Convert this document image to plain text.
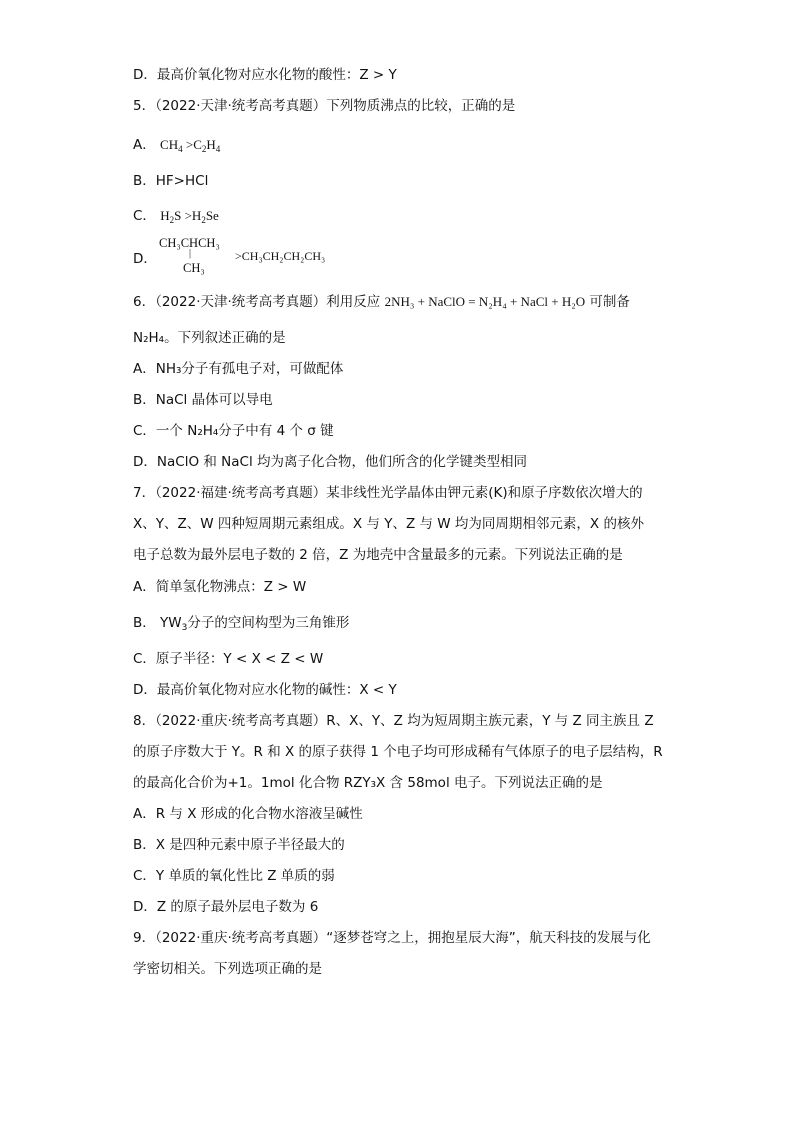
D．最高价氧化物对应水化物的酸性：Z > Y
5．（2022·天津·统考高考真题）下列物质沸点的比较，正确的是
A． $CH_4 >C_2H_4$
B．HF>HCl
C． $H_2S >H_2Se$
D．
CH₃CHCH₃
|
CH₃
>CH₃CH₂CH₂CH₃
6．（2022·天津·统考高考真题）利用反应 2NH₃ + NaClO = N₂H₄ + NaCl + H₂O 可制备
N₂H₄。下列叙述正确的是
A．NH₃分子有孤电子对，可做配体
B．NaCl 晶体可以导电
C．一个 N₂H₄分子中有 4 个 σ 键
D．NaClO 和 NaCl 均为离子化合物，他们所含的化学键类型相同
7．（2022·福建·统考高考真题）某非线性光学晶体由钾元素(K)和原子序数依次增大的
X、Y、Z、W 四种短周期元素组成。X 与 Y、Z 与 W 均为同周期相邻元素，X 的核外
电子总数为最外层电子数的 2 倍，Z 为地壳中含量最多的元素。下列说法正确的是
A．简单氢化物沸点：Z > W
B． $YW_3$分子的空间构型为三角锥形
C．原子半径：Y < X < Z < W
D．最高价氧化物对应水化物的碱性：X < Y
8．（2022·重庆·统考高考真题）R、X、Y、Z 均为短周期主族元素，Y 与 Z 同主族且 Z
的原子序数大于 Y。R 和 X 的原子获得 1 个电子均可形成稀有气体原子的电子层结构，R
的最高化合价为+1。1mol 化合物 RZY₃X 含 58mol 电子。下列说法正确的是
A．R 与 X 形成的化合物水溶液呈碱性
B．X 是四种元素中原子半径最大的
C．Y 单质的氧化性比 Z 单质的弱
D．Z 的原子最外层电子数为 6
9．（2022·重庆·统考高考真题）“逐梦苍穹之上，拥抱星辰大海”，航天科技的发展与化
学密切相关。下列选项正确的是
